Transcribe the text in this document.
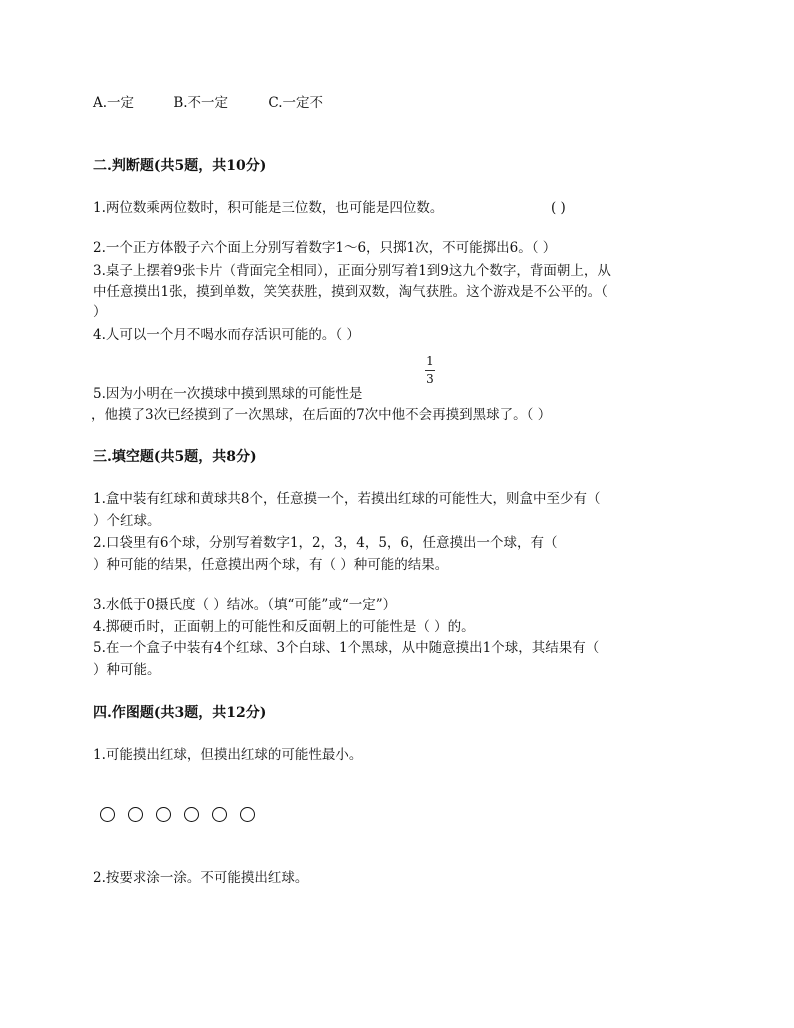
A.一定	B.不一定	C.一定不
二.判断题(共5题，共10分)
1.两位数乘两位数时，积可能是三位数，也可能是四位数。	( )
2.一个正方体骰子六个面上分别写着数字1～6，只掷1次，不可能掷出6。（ ）
3.桌子上摆着9张卡片（背面完全相同），正面分别写着1到9这九个数字，背面朝上，从
中任意摸出1张，摸到单数，笑笑获胜，摸到双数，淘气获胜。这个游戏是不公平的。（
）
4.人可以一个月不喝水而存活识可能的。（ ）
1
3
5.因为小明在一次摸球中摸到黑球的可能性是
，他摸了3次已经摸到了一次黑球，在后面的7次中他不会再摸到黑球了。（ ）
三.填空题(共5题，共8分)
1.盒中装有红球和黄球共8个，任意摸一个，若摸出红球的可能性大，则盒中至少有（
）个红球。
2.口袋里有6个球，分别写着数字1，2，3，4，5，6，任意摸出一个球，有（
）种可能的结果，任意摸出两个球，有（ ）种可能的结果。
3.水低于0摄氏度（ ）结冰。（填“可能”或“一定”）
4.掷硬币时，正面朝上的可能性和反面朝上的可能性是（ ）的。
5.在一个盒子中装有4个红球、3个白球、1个黑球，从中随意摸出1个球，其结果有（
）种可能。
四.作图题(共3题，共12分)
1.可能摸出红球，但摸出红球的可能性最小。
2.按要求涂一涂。不可能摸出红球。
